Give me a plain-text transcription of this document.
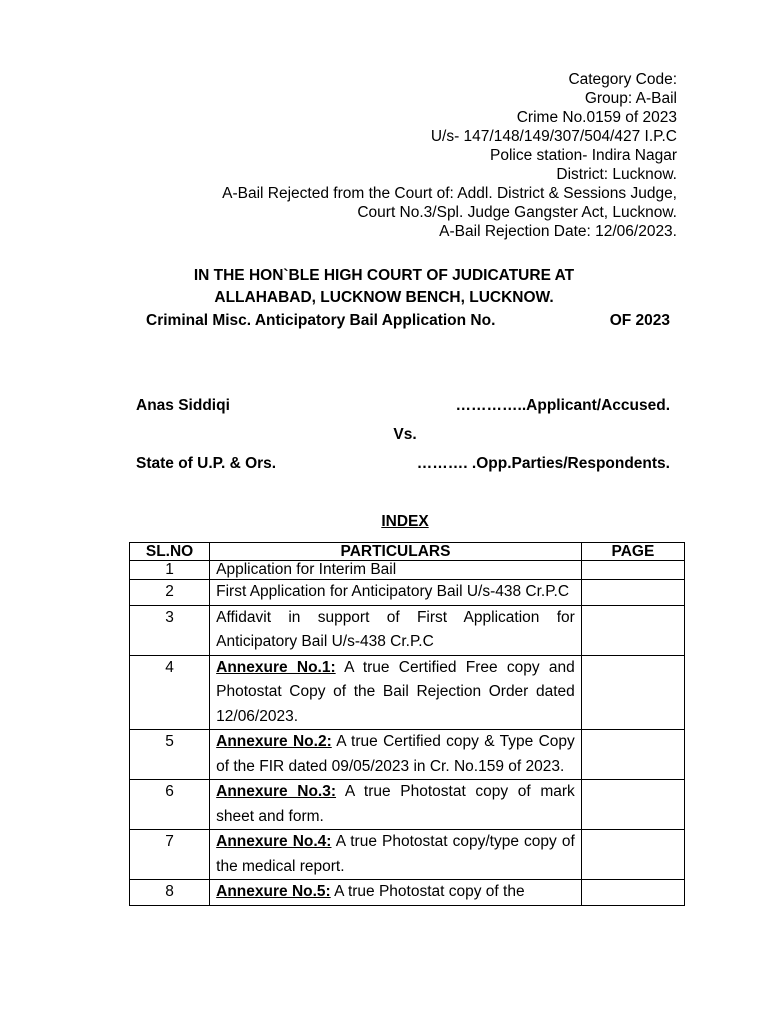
Category Code:
Group: A-Bail
Crime No.0159 of 2023
U/s- 147/148/149/307/504/427 I.P.C
Police station- Indira Nagar
District: Lucknow.
A-Bail Rejected from the Court of: Addl. District & Sessions Judge,
Court No.3/Spl. Judge Gangster Act, Lucknow.
A-Bail Rejection Date: 12/06/2023.
IN THE HON`BLE HIGH COURT OF JUDICATURE AT
ALLAHABAD, LUCKNOW BENCH, LUCKNOW.
Criminal Misc. Anticipatory Bail Application No.	OF 2023
Anas Siddiqi	…………..Applicant/Accused.
Vs.
State of U.P. & Ors.	………. .Opp.Parties/Respondents.
INDEX
SL.NO	PARTICULARS	PAGE
1	Application for Interim Bail	
2	First Application for Anticipatory Bail U/s-438 Cr.P.C	
3	Affidavit in support of First Application for Anticipatory Bail U/s-438 Cr.P.C	
4	Annexure No.1: A true Certified Free copy and Photostat Copy of the Bail Rejection Order dated 12/06/2023.	
5	Annexure No.2: A true Certified copy & Type Copy of the FIR dated 09/05/2023 in Cr. No.159 of 2023.	
6	Annexure No.3: A true Photostat copy of mark sheet and form.	
7	Annexure No.4: A true Photostat copy/type copy of the medical report.	
8	Annexure No.5: A true Photostat copy of the	
